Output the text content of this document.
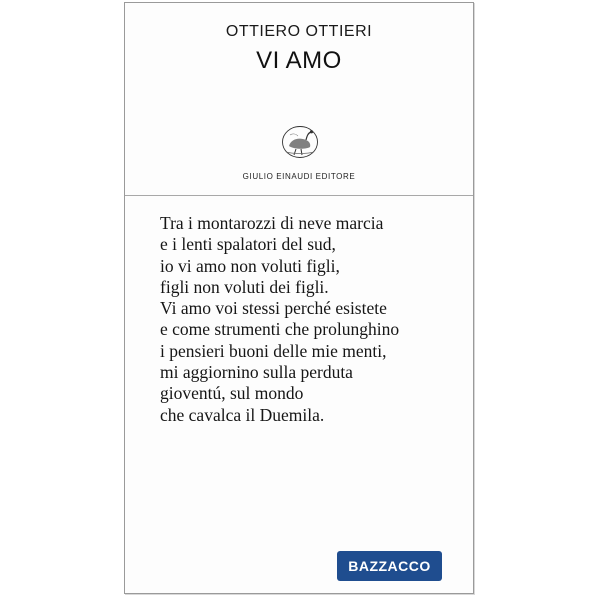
OTTIERO OTTIERI
VI AMO
GIULIO EINAUDI EDITORE
Tra i montarozzi di neve marcia
e i lenti spalatori del sud,
io vi amo non voluti figli,
figli non voluti dei figli.
Vi amo voi stessi perché esistete
e come strumenti che prolunghino
i pensieri buoni delle mie menti,
mi aggiornino sulla perduta
gioventú, sul mondo
che cavalca il Duemila.
BAZZACCO
